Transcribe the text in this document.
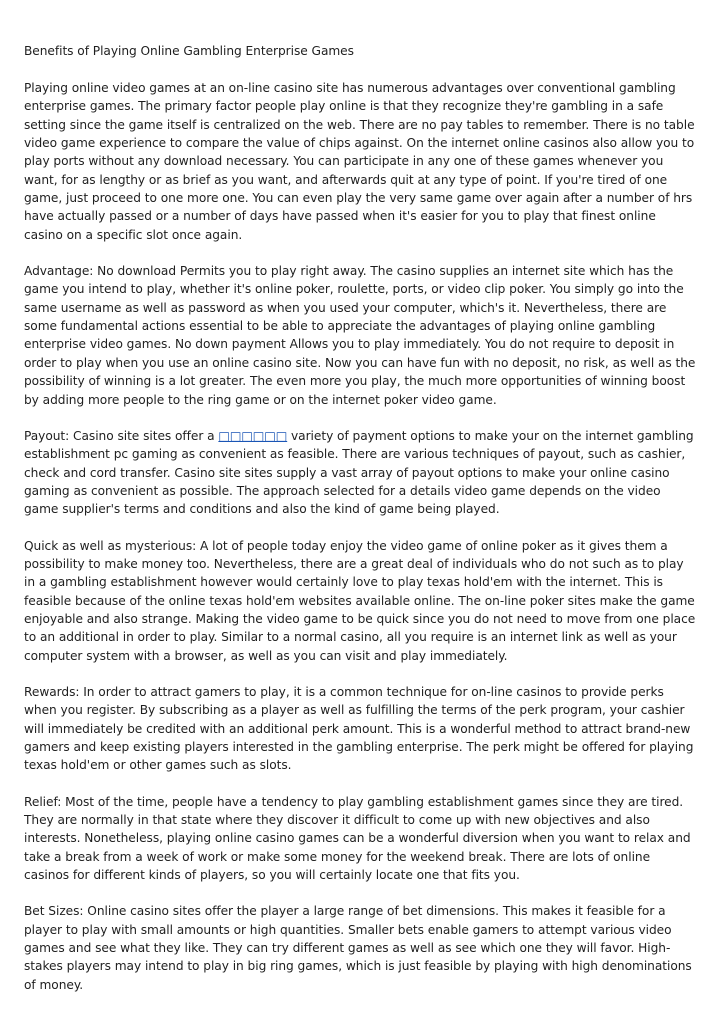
Benefits of Playing Online Gambling Enterprise Games

Playing online video games at an on-line casino site has numerous advantages over conventional gambling enterprise games. The primary factor people play online is that they recognize they're gambling in a safe setting since the game itself is centralized on the web. There are no pay tables to remember. There is no table video game experience to compare the value of chips against. On the internet online casinos also allow you to play ports without any download necessary. You can participate in any one of these games whenever you want, for as lengthy or as brief as you want, and afterwards quit at any type of point. If you're tired of one game, just proceed to one more one. You can even play the very same game over again after a number of hrs have actually passed or a number of days have passed when it's easier for you to play that finest online casino on a specific slot once again.

Advantage: No download Permits you to play right away. The casino supplies an internet site which has the game you intend to play, whether it's online poker, roulette, ports, or video clip poker. You simply go into the same username as well as password as when you used your computer, which's it. Nevertheless, there are some fundamental actions essential to be able to appreciate the advantages of playing online gambling enterprise video games. No down payment Allows you to play immediately. You do not require to deposit in order to play when you use an online casino site. Now you can have fun with no deposit, no risk, as well as the possibility of winning is a lot greater. The even more you play, the much more opportunities of winning boost by adding more people to the ring game or on the internet poker video game.

Payout: Casino site sites offer a □□□□□□ variety of payment options to make your on the internet gambling establishment pc gaming as convenient as feasible. There are various techniques of payout, such as cashier, check and cord transfer. Casino site sites supply a vast array of payout options to make your online casino gaming as convenient as possible. The approach selected for a details video game depends on the video game supplier's terms and conditions and also the kind of game being played.

Quick as well as mysterious: A lot of people today enjoy the video game of online poker as it gives them a possibility to make money too. Nevertheless, there are a great deal of individuals who do not such as to play in a gambling establishment however would certainly love to play texas hold'em with the internet. This is feasible because of the online texas hold'em websites available online. The on-line poker sites make the game enjoyable and also strange. Making the video game to be quick since you do not need to move from one place to an additional in order to play. Similar to a normal casino, all you require is an internet link as well as your computer system with a browser, as well as you can visit and play immediately.

Rewards: In order to attract gamers to play, it is a common technique for on-line casinos to provide perks when you register. By subscribing as a player as well as fulfilling the terms of the perk program, your cashier will immediately be credited with an additional perk amount. This is a wonderful method to attract brand-new gamers and keep existing players interested in the gambling enterprise. The perk might be offered for playing texas hold'em or other games such as slots.

Relief: Most of the time, people have a tendency to play gambling establishment games since they are tired. They are normally in that state where they discover it difficult to come up with new objectives and also interests. Nonetheless, playing online casino games can be a wonderful diversion when you want to relax and take a break from a week of work or make some money for the weekend break. There are lots of online casinos for different kinds of players, so you will certainly locate one that fits you.

Bet Sizes: Online casino sites offer the player a large range of bet dimensions. This makes it feasible for a player to play with small amounts or high quantities. Smaller bets enable gamers to attempt various video games and see what they like. They can try different games as well as see which one they will favor. High-stakes players may intend to play in big ring games, which is just feasible by playing with high denominations of money.
